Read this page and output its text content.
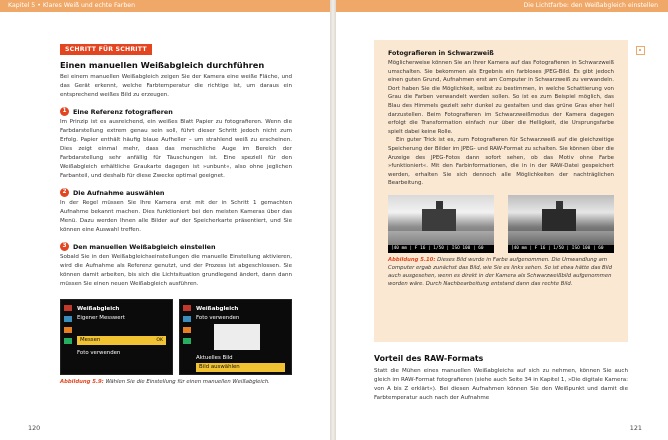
Kapitel 5 • Klares Weiß und echte Farben
SCHRITT FÜR SCHRITT
Einen manuellen Weißabgleich durchführen

Bei einem manuellen Weißabgleich zeigen Sie der Kamera eine weiße Fläche, und das Gerät erkennt, welche Farbtemperatur die richtige ist, um daraus ein entsprechend weißes Bild zu erzeugen.

1	Eine Referenz fotografieren

Im Prinzip ist es ausreichend, ein weißes Blatt Papier zu fotografieren. Wenn die Farbdarstellung extrem genau sein soll, führt dieser Schritt jedoch nicht zum Erfolg. Papier enthält häufig blaue Aufheller – um strahlend weiß zu erscheinen. Dies zeigt einmal mehr, dass das menschliche Auge im Bereich der Farbdarstellung sehr anfällig für Täuschungen ist. Eine speziell für den Weißabgleich erhältliche Graukarte dagegen ist »unbunt«, also ohne jeglichen Farbanteil, und deshalb für diese Zwecke optimal geeignet.

2	Die Aufnahme auswählen

In der Regel müssen Sie Ihre Kamera erst mit der in Schritt 1 gemachten Aufnahme bekannt machen. Dies funktioniert bei den meisten Kameras über das Menü. Dazu werden Ihnen alle Bilder auf der Speicherkarte präsentiert, und Sie können eine Auswahl treffen.

3	Den manuellen Weißabgleich einstellen

Sobald Sie in den Weißabgleichseinstellungen die manuelle Einstellung aktivieren, wird die Aufnahme als Referenz genutzt, und der Prozess ist abgeschlossen. Sie können damit arbeiten, bis sich die Lichtsituation grundlegend ändert, dann dann müssen Sie einen neuen Weißabgleich ausführen.

Weißabgleich
Eigener Messwert
Messen	OK
Foto verwenden
Weißabgleich
Foto verwenden
Aktuelles Bild
Bild auswählen
Abbildung 5.9: Wählen Sie die Einstellung für einen manuellen Weißabgleich.
120
Die Lichtfarbe: den Weißabgleich einstellen
Fotografieren in Schwarzweiß

Möglicherweise können Sie an Ihrer Kamera auf das Fotografieren in Schwarzweiß umschalten. Sie bekommen als Ergebnis ein farbloses JPEG-Bild. Es gibt jedoch einen guten Grund, Aufnahmen erst am Computer in Schwarzweiß zu verwandeln. Dort haben Sie die Möglichkeit, selbst zu bestimmen, in welche Schattierung von Grau die Farben verwandelt werden sollen. So ist es zum Beispiel möglich, das Blau des Himmels gezielt sehr dunkel zu gestalten und das grüne Gras eher hell darzustellen. Beim Fotografieren im Schwarzweißmodus der Kamera dagegen erfolgt die Transformation einfach nur über die Helligkeit, die Ursprungsfarbe spielt dabei keine Rolle.

Ein guter Trick ist es, zum Fotografieren für Schwarzweiß auf die gleichzeitige Speicherung der Bilder im JPEG- und RAW-Format zu schalten. Sie können über die Anzeige des JPEG-Fotos dann sofort sehen, ob das Motiv ohne Farbe »funktioniert«. Mit den Farbinformationen, die in in der RAW-Datei gespeichert werden, erhalten Sie sich dennoch alle Möglichkeiten der nachträglichen Bearbeitung.

[40 mm | F 16 | 1/50 | ISO 100 | 60	[40 mm | F 16 | 1/50 | ISO 100 | 60
Abbildung 5.10: Dieses Bild wurde in Farbe aufgenommen. Die Umwandlung am Computer ergab zunächst das Bild, wie Sie es links sehen. So ist etwa hätte das Bild auch ausgesehen, wenn es direkt in der Kamera als Schwarzweißbild aufgenommen worden wäre. Durch Nachbearbeitung entstand dann das rechte Bild.
Vorteil des RAW-Formats

Statt die Mühen eines manuellen Weißabgleichs auf sich zu nehmen, können Sie auch gleich im RAW-Format fotografieren (siehe auch Seite 34 in Kapitel 1, »Die digitale Kamera: von A bis Z erklärt«). Bei diesen Aufnahmen können Sie den Weißpunkt und damit die Farbtemperatur auch nach der Aufnahme

121
